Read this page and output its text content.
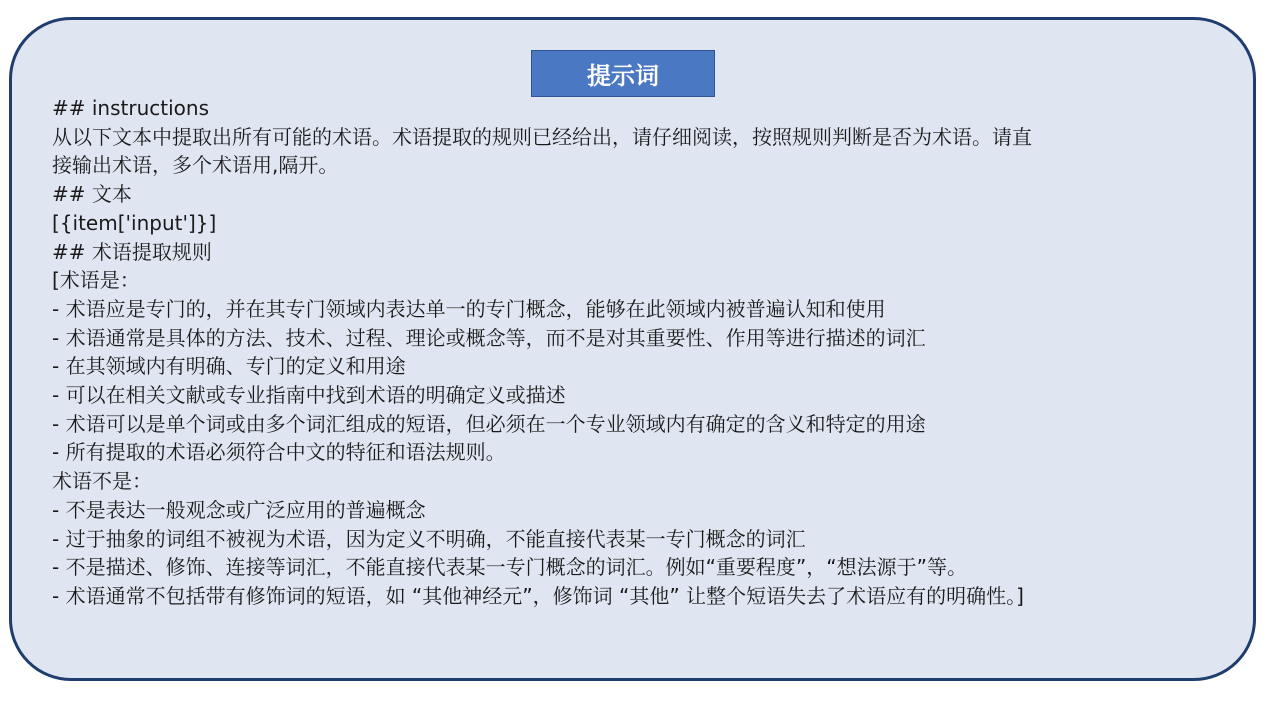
提示词
## instructions
从以下文本中提取出所有可能的术语。术语提取的规则已经给出，请仔细阅读，按照规则判断是否为术语。请直
接输出术语，多个术语用,隔开。
## 文本
[{item['input']}]
## 术语提取规则
[术语是：
- 术语应是专门的，并在其专门领域内表达单一的专门概念，能够在此领域内被普遍认知和使用
- 术语通常是具体的方法、技术、过程、理论或概念等，而不是对其重要性、作用等进行描述的词汇
- 在其领域内有明确、专门的定义和用途
- 可以在相关文献或专业指南中找到术语的明确定义或描述
- 术语可以是单个词或由多个词汇组成的短语，但必须在一个专业领域内有确定的含义和特定的用途
- 所有提取的术语必须符合中文的特征和语法规则。
术语不是：
- 不是表达一般观念或广泛应用的普遍概念
- 过于抽象的词组不被视为术语，因为定义不明确，不能直接代表某一专门概念的词汇
- 不是描述、修饰、连接等词汇，不能直接代表某一专门概念的词汇。例如“重要程度”，“想法源于”等。
- 术语通常不包括带有修饰词的短语，如 “其他神经元”，修饰词 “其他” 让整个短语失去了术语应有的明确性。]
